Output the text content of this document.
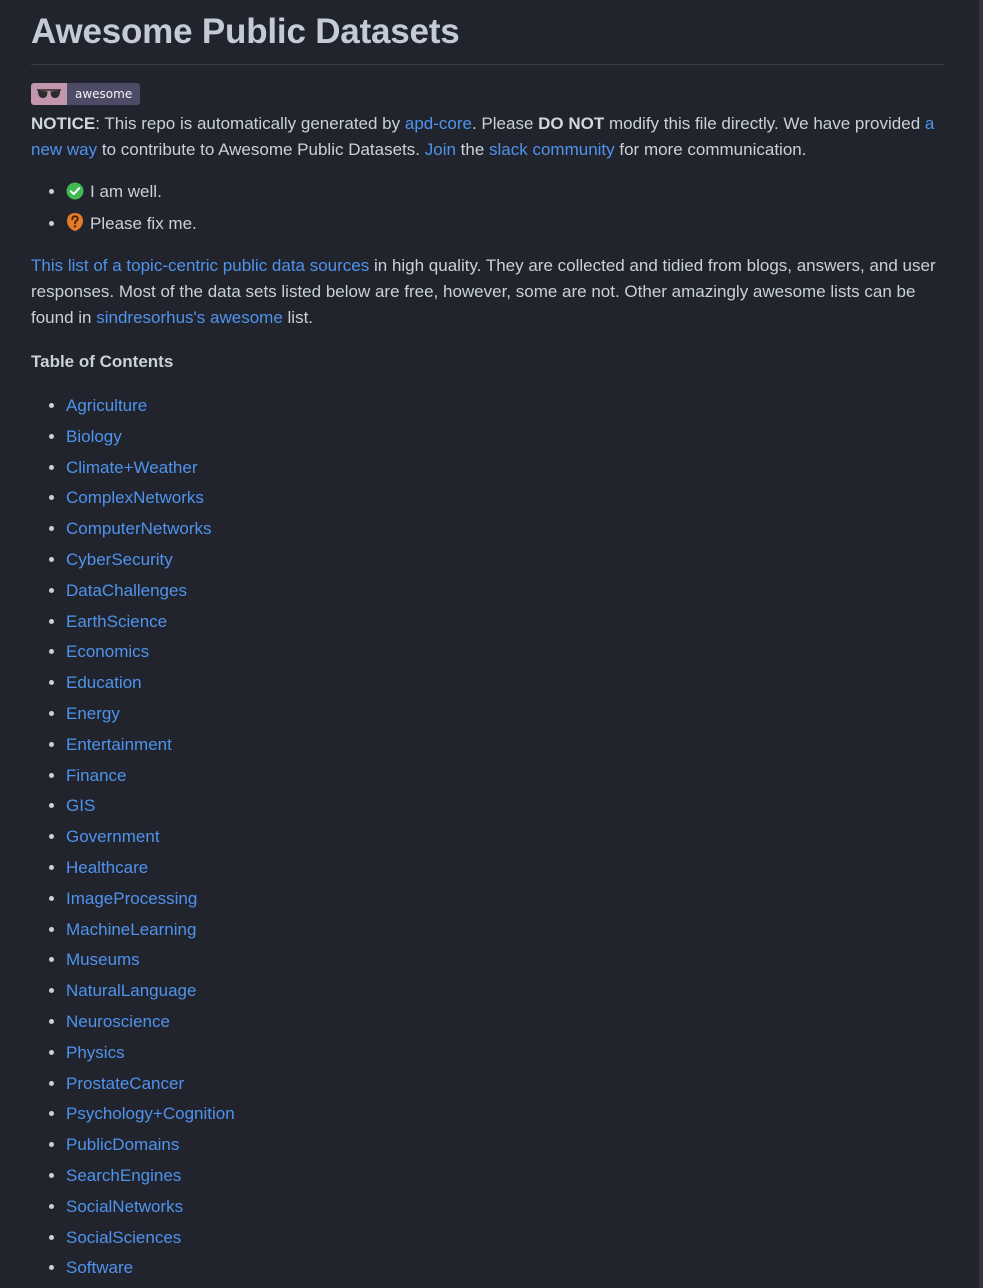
Awesome Public Datasets
awesome

NOTICE: This repo is automatically generated by apd-core. Please DO NOT modify this file directly. We have provided a new way to contribute to Awesome Public Datasets. Join the slack community for more communication.

• I am well.
• Please fix me.

This list of a topic-centric public data sources in high quality. They are collected and tidied from blogs, answers, and user responses. Most of the data sets listed below are free, however, some are not. Other amazingly awesome lists can be found in sindresorhus's awesome list.

Table of Contents
• Agriculture
• Biology
• Climate+Weather
• ComplexNetworks
• ComputerNetworks
• CyberSecurity
• DataChallenges
• EarthScience
• Economics
• Education
• Energy
• Entertainment
• Finance
• GIS
• Government
• Healthcare
• ImageProcessing
• MachineLearning
• Museums
• NaturalLanguage
• Neuroscience
• Physics
• ProstateCancer
• Psychology+Cognition
• PublicDomains
• SearchEngines
• SocialNetworks
• SocialSciences
• Software
